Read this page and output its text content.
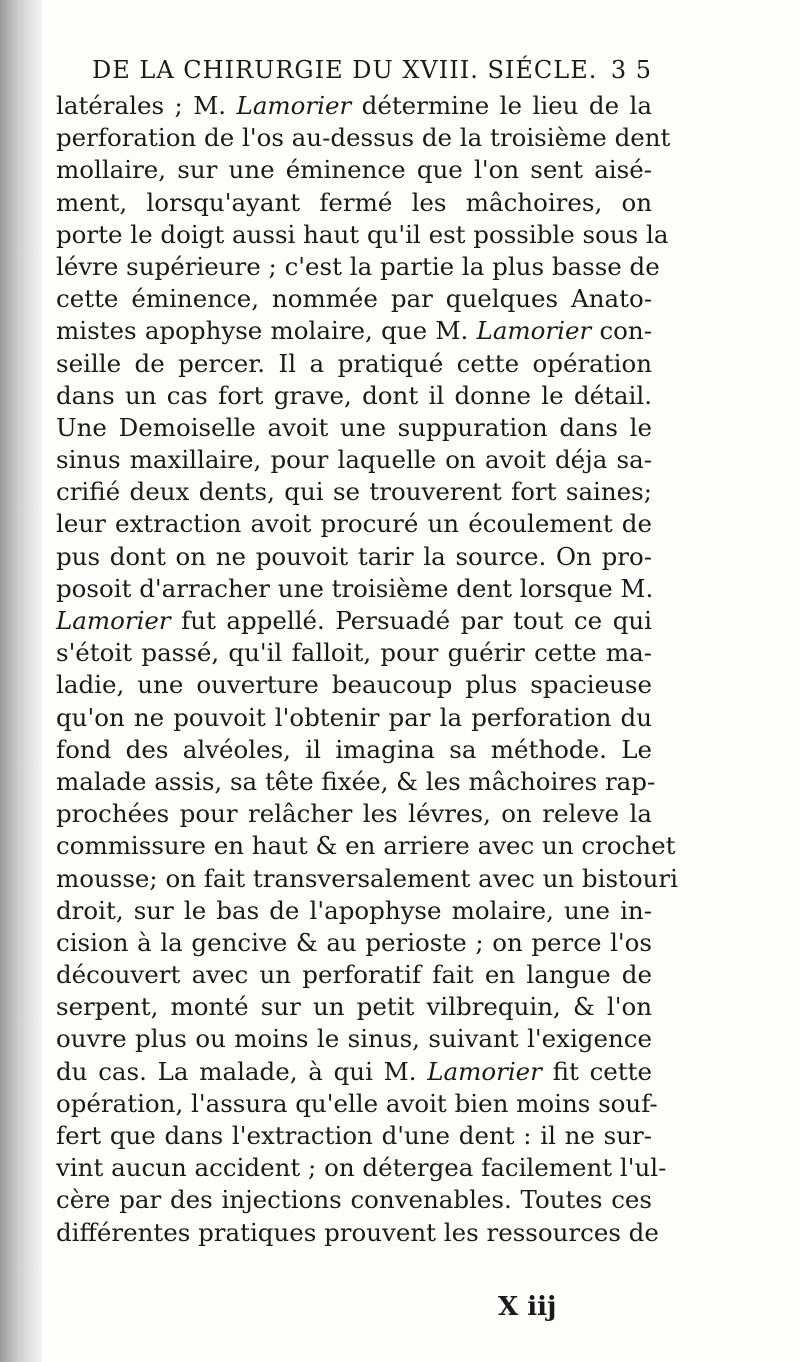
DE LA CHIRURGIE DU XVIII. SIÉCLE. 3 5
latérales ; M. Lamorier détermine le lieu de la
perforation de l'os au-dessus de la troisième dent
mollaire, sur une éminence que l'on sent aisé-
ment, lorsqu'ayant fermé les mâchoires, on
porte le doigt aussi haut qu'il est possible sous la
lévre supérieure ; c'est la partie la plus basse de
cette éminence, nommée par quelques Anato-
mistes apophyse molaire, que M. Lamorier con-
seille de percer. Il a pratiqué cette opération
dans un cas fort grave, dont il donne le détail.
Une Demoiselle avoit une suppuration dans le
sinus maxillaire, pour laquelle on avoit déja sa-
crifié deux dents, qui se trouverent fort saines;
leur extraction avoit procuré un écoulement de
pus dont on ne pouvoit tarir la source. On pro-
posoit d'arracher une troisième dent lorsque M.
Lamorier fut appellé. Persuadé par tout ce qui
s'étoit passé, qu'il falloit, pour guérir cette ma-
ladie, une ouverture beaucoup plus spacieuse
qu'on ne pouvoit l'obtenir par la perforation du
fond des alvéoles, il imagina sa méthode. Le
malade assis, sa tête fixée, & les mâchoires rap-
prochées pour relâcher les lévres, on releve la
commissure en haut & en arriere avec un crochet
mousse; on fait transversalement avec un bistouri
droit, sur le bas de l'apophyse molaire, une in-
cision à la gencive & au perioste ; on perce l'os
découvert avec un perforatif fait en langue de
serpent, monté sur un petit vilbrequin, & l'on
ouvre plus ou moins le sinus, suivant l'exigence
du cas. La malade, à qui M. Lamorier fit cette
opération, l'assura qu'elle avoit bien moins souf-
fert que dans l'extraction d'une dent : il ne sur-
vint aucun accident ; on détergea facilement l'ul-
cère par des injections convenables. Toutes ces
différentes pratiques prouvent les ressources de
X iij
